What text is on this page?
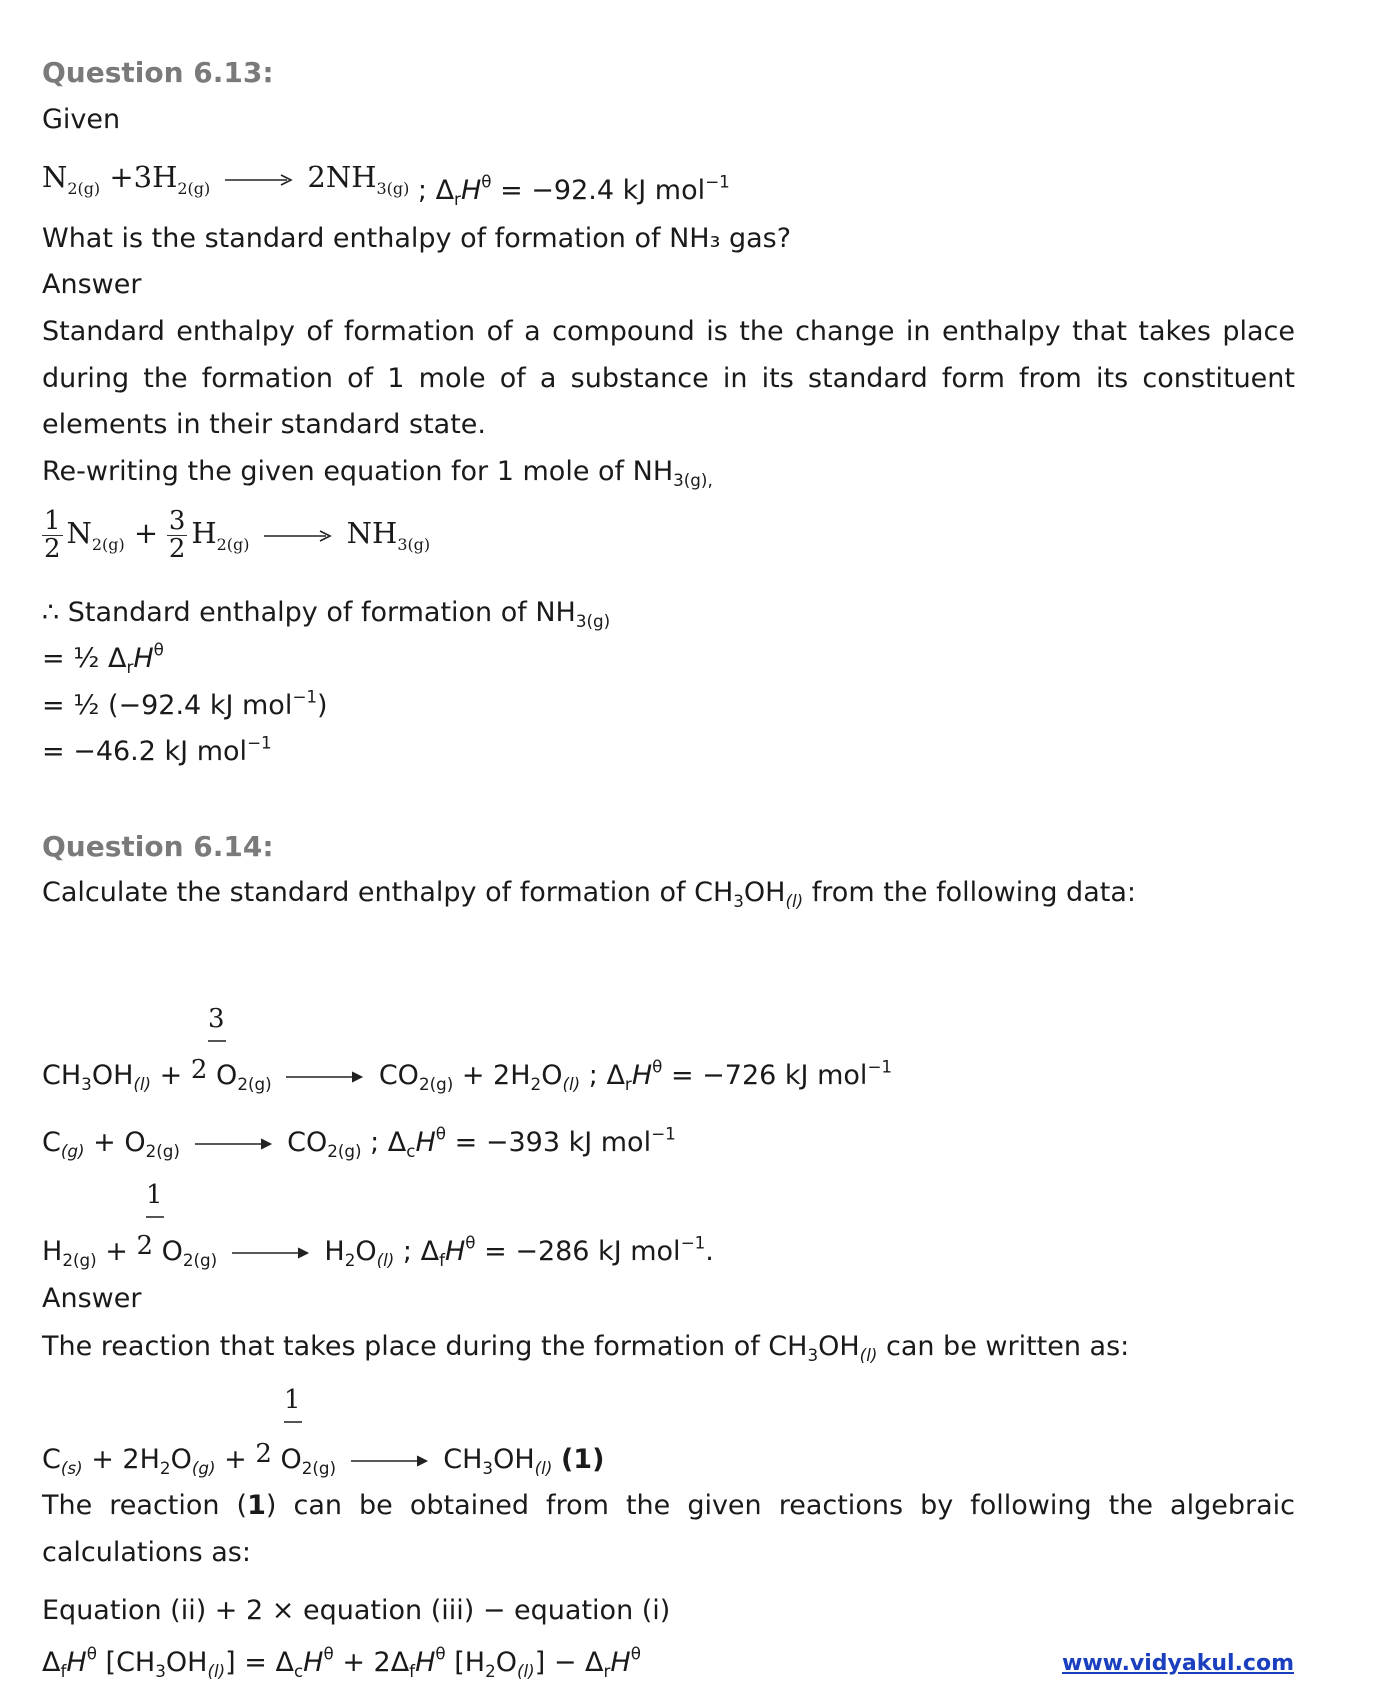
Question 6.13:
Given
$N_{2(g)} +3H_{2(g)} \to 2NH_{3(g)}$ ; $\Delta_rH^\theta = -92.4$ kJ mol$^{-1}$
What is the standard enthalpy of formation of NH₃ gas?
Answer
Standard enthalpy of formation of a compound is the change in enthalpy that takes place
during the formation of 1 mole of a substance in its standard form from its constituent
elements in their standard state.
Re-writing the given equation for 1 mole of $NH_{3(g),}$
$\frac{1}{2} N_{2(g)} + \frac{3}{2} H_{2(g)} \to NH_{3(g)}$
∴ Standard enthalpy of formation of $NH_{3(g)}$
= ½ $\Delta_rH^\theta$
= ½ (−92.4 kJ mol$^{-1}$)
= −46.2 kJ mol$^{-1}$
Question 6.14:
Calculate the standard enthalpy of formation of $CH_3OH_{(l)}$ from the following data:
3
$CH_3OH_{(l)} + 2$ $O_{2(g)} \to CO_{2(g)} + 2H_2O_{(l)}$ ; $\Delta_rH^\theta = -726$ kJ mol$^{-1}$
$C_{(g)} + O_{2(g)} \to CO_{2(g)}$ ; $\Delta_cH^\theta = -393$ kJ mol$^{-1}$
1
$H_{2(g)} + 2$ $O_{2(g)} \to H_2O_{(l)}$ ; $\Delta_fH^\theta = -286$ kJ mol$^{-1}$.
Answer
The reaction that takes place during the formation of $CH_3OH_{(l)}$ can be written as:
1
$C_{(s)} + 2H_2O_{(g)} + 2$ $O_{2(g)} \to CH_3OH_{(l)}$ (1)
The reaction (1) can be obtained from the given reactions by following the algebraic
calculations as:
Equation (ii) + 2 × equation (iii) − equation (i)
$\Delta_fH^\theta$ $[CH_3OH_{(l)}] = \Delta_cH^\theta + 2\Delta_fH^\theta$ $[H_2O_{(l)}] - \Delta_rH^\theta$	www.vidyakul.com
